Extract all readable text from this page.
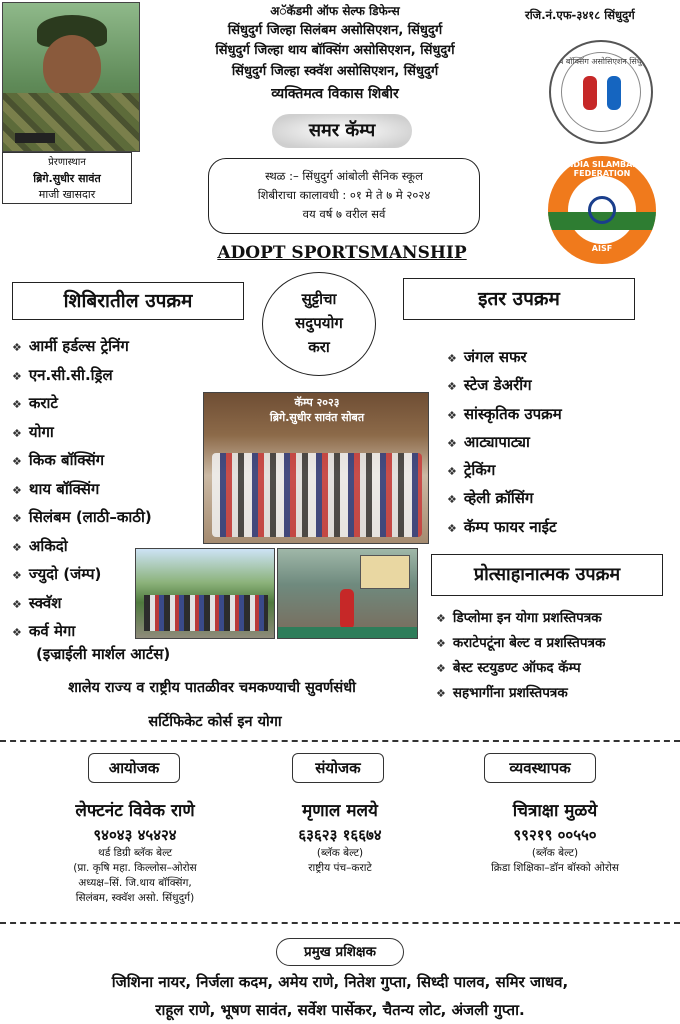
प्रेरणास्थान
ब्रिगे.सुधीर सावंत
माजी खासदार
अॅकॅडमी ऑफ सेल्फ डिफेन्स
सिंधुदुर्ग जिल्हा सिलंबम असोसिएशन, सिंधुदुर्ग
सिंधुदुर्ग जिल्हा थाय बॉक्सिंग असोसिएशन, सिंधुदुर्ग
सिंधुदुर्ग जिल्हा स्क्वॅश असोसिएशन, सिंधुदुर्ग
व्यक्तिमत्व विकास शिबीर
रजि.नं.एफ-३४१८ सिंधुदुर्ग
समर कॅम्प
स्थळ :– सिंधुदुर्ग आंबोली सैनिक स्कूल
शिबीराचा कालावधी : ०१ मे ते ७ मे २०२४
वय वर्ष ७ वरील सर्व
थाय बॉक्सिंग असोसिएशन सिंधुदुर्ग
INDIA SILAMBAM FEDERATION
AISF
ADOPT SPORTSMANSHIP
शिबिरातील उपक्रम	इतर उपक्रम
सुट्टीचा
सदुपयोग
करा
❖ आर्मी हर्डल्स ट्रेनिंग
❖ एन.सी.सी.ड्रिल
❖ कराटे
❖ योगा
❖ किक बॉक्सिंग
❖ थाय बॉक्सिंग
❖ सिलंबम (लाठी–काठी)
❖ अकिदो
❖ ज्युदो (जंम्प)
❖ स्क्वॅश
❖ कर्व मेगा
(इज्राईली मार्शल आर्टस)
❖ जंगल सफर
❖ स्टेज डेअरींग
❖ सांस्कृतिक उपक्रम
❖ आट्यापाट्या
❖ ट्रेकिंग
❖ व्हेली क्रॉसिंग
❖ कॅम्प फायर नाईट
कॅम्प २०२३
ब्रिगे.सुधीर सावंत सोबत
प्रोत्साहानात्मक उपक्रम
❖ डिप्लोमा इन योगा प्रशस्तिपत्रक
❖ कराटेपटूंना बेल्ट व प्रशस्तिपत्रक
❖ बेस्ट स्टयुडण्ट ऑफद कॅम्प
❖ सहभागींना प्रशस्तिपत्रक
शालेय राज्य व राष्ट्रीय पातळीवर चमकण्याची सुवर्णसंधी
सर्टिफिकेट कोर्स इन योगा
आयोजक	संयोजक	व्यवस्थापक
लेफ्टनंट विवेक राणे
९४०४३ ४५४२४
थर्ड डिग्री ब्लॅक बेल्ट
(प्रा. कृषि महा. किल्लोस–ओरोस
अध्यक्ष–सिं. जि.थाय बॉक्सिंग,
सिलंबम, स्क्वॅश असो. सिंधुदुर्ग)
मृणाल मलये
६३६२३ १६६७४
(ब्लॅक बेल्ट)
राष्ट्रीय पंच–कराटे
चित्राक्षा मुळये
९९२१९ ००५५०
(ब्लॅक बेल्ट)
क्रिडा शिक्षिका–डॉन बॉस्को ओरोस
प्रमुख प्रशिक्षक
जिशिना नायर, निर्जला कदम, अमेय राणे, नितेश गुप्ता, सिध्दी पालव, समिर जाधव,
राहूल राणे, भूषण सावंत, सर्वेश पार्सेकर, चैतन्य लोट, अंजली गुप्ता.
